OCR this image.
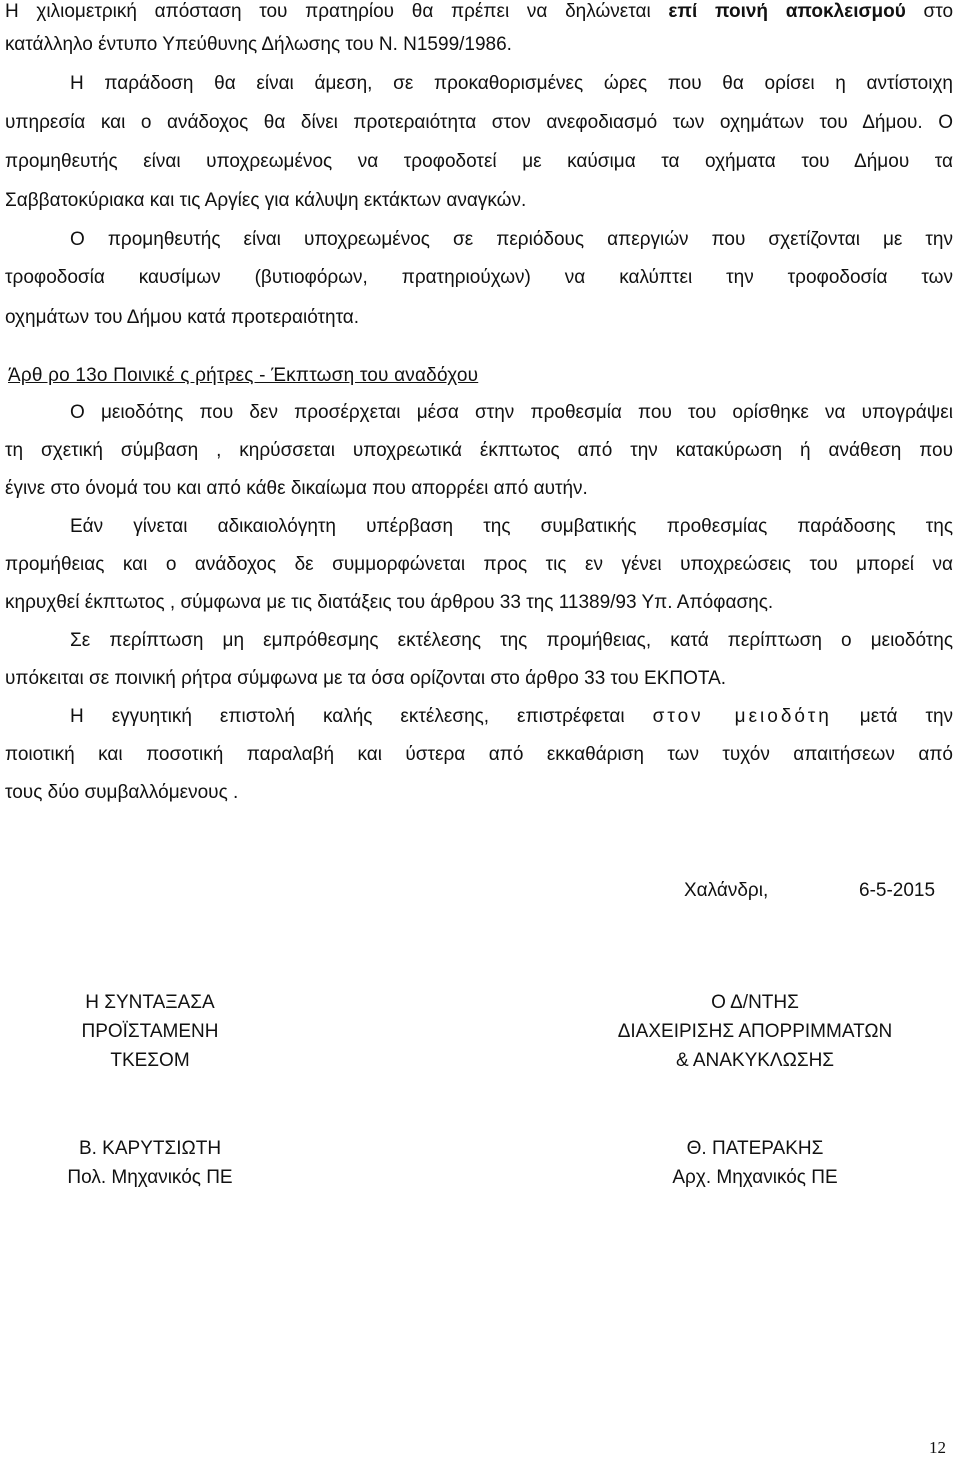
Η χιλιομετρική απόσταση του πρατηρίου θα πρέπει να δηλώνεται επί ποινή αποκλεισμού στο
κατάλληλο έντυπο Υπεύθυνης Δήλωσης του Ν. Ν1599/1986.
Η παράδοση θα είναι άμεση, σε προκαθορισμένες ώρες που θα ορίσει η αντίστοιχη
υπηρεσία και ο ανάδοχος θα δίνει προτεραιότητα στον ανεφοδιασμό των οχημάτων του Δήμου. Ο
προμηθευτής είναι υποχρεωμένος να τροφοδοτεί με καύσιμα τα οχήματα του Δήμου τα
Σαββατοκύριακα και τις Αργίες για κάλυψη εκτάκτων αναγκών.
Ο προμηθευτής είναι υποχρεωμένος σε περιόδους απεργιών που σχετίζονται με την
τροφοδοσία καυσίμων (βυτιοφόρων, πρατηριούχων) να καλύπτει την τροφοδοσία των
οχημάτων του Δήμου κατά προτεραιότητα.
Άρθ ρο 13ο Ποινικέ ς ρήτρες - Έκπτωση του αναδόχου
Ο μειοδότης που δεν προσέρχεται μέσα στην προθεσμία που του ορίσθηκε να υπογράψει
τη σχετική σύμβαση , κηρύσσεται υποχρεωτικά έκπτωτος από την κατακύρωση ή ανάθεση που
έγινε στο όνομά του και από κάθε δικαίωμα που απορρέει από αυτήν.
Εάν γίνεται αδικαιολόγητη υπέρβαση της συμβατικής προθεσμίας παράδοσης της
προμήθειας και ο ανάδοχος δε συμμορφώνεται προς τις εν γένει υποχρεώσεις του μπορεί να
κηρυχθεί έκπτωτος , σύμφωνα με τις διατάξεις του άρθρου 33 της 11389/93 Υπ. Απόφασης.
Σε περίπτωση μη εμπρόθεσμης εκτέλεσης της προμήθειας, κατά περίπτωση ο μειοδότης
υπόκειται σε ποινική ρήτρα σύμφωνα με τα όσα ορίζονται στο άρθρο 33 του ΕΚΠΟΤΑ.
Η εγγυητική επιστολή καλής εκτέλεσης, επιστρέφεται στον μειοδότη μετά την
ποιοτική και ποσοτική παραλαβή και ύστερα από εκκαθάριση των τυχόν απαιτήσεων από
τους δύο συμβαλλόμενους .
Χαλάνδρι,	6-5-2015
Η ΣΥΝΤΑΞΑΣΑ
ΠΡΟΪΣΤΑΜΕΝΗ
ΤΚΕΣΟΜ
Β. ΚΑΡΥΤΣΙΩΤΗ
Πολ. Μηχανικός ΠΕ
Ο Δ/ΝΤΗΣ
ΔΙΑΧΕΙΡΙΣΗΣ ΑΠΟΡΡΙΜΜΑΤΩΝ
& ΑΝΑΚΥΚΛΩΣΗΣ
Θ. ΠΑΤΕΡΑΚΗΣ
Αρχ. Μηχανικός ΠΕ
12
